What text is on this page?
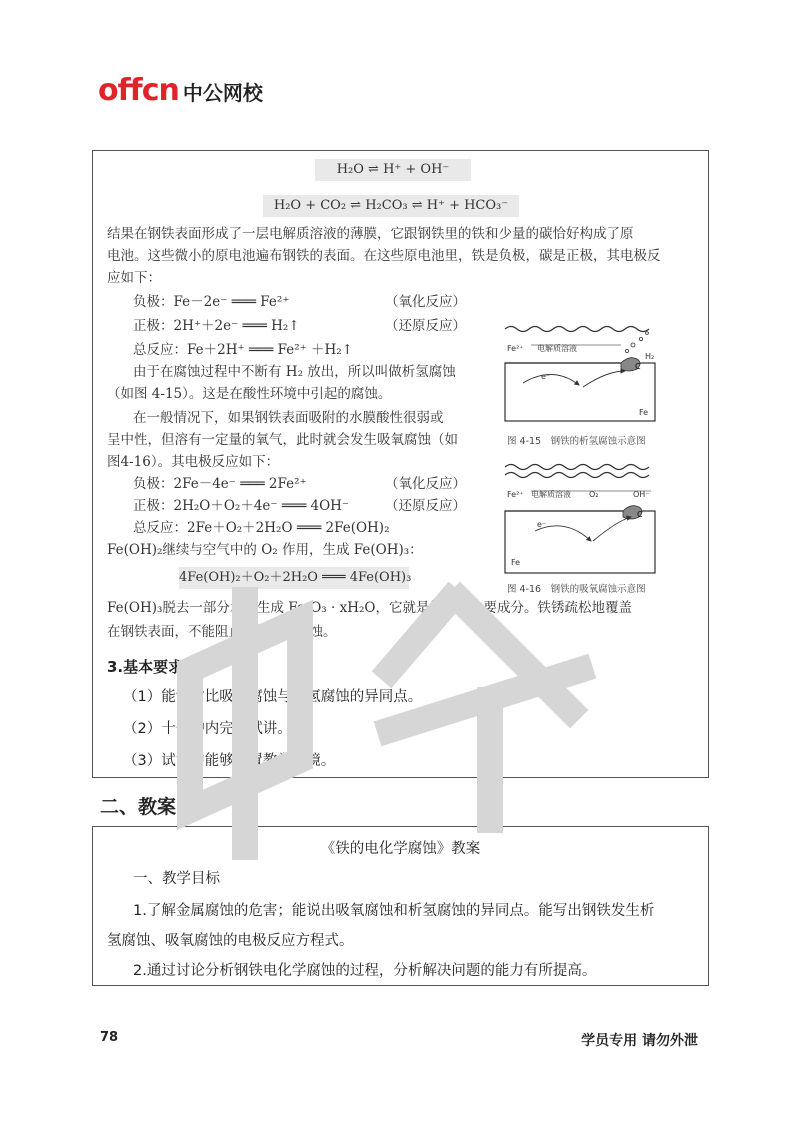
offcn 中公网校
H₂O ⇌ H⁺ + OH⁻
H₂O + CO₂ ⇌ H₂CO₃ ⇌ H⁺ + HCO₃⁻
结果在钢铁表面形成了一层电解质溶液的薄膜，它跟钢铁里的铁和少量的碳恰好构成了原
电池。这些微小的原电池遍布钢铁的表面。在这些原电池里，铁是负极，碳是正极，其电极反
应如下：
负极：Fe－2e⁻ ═══ Fe²⁺	（氧化反应）
正极：2H⁺＋2e⁻ ═══ H₂↑	（还原反应）
总反应：Fe＋2H⁺ ═══ Fe²⁺ ＋H₂↑
由于在腐蚀过程中不断有 H₂ 放出，所以叫做析氢腐蚀
（如图 4-15）。这是在酸性环境中引起的腐蚀。
在一般情况下，如果钢铁表面吸附的水膜酸性很弱或
呈中性，但溶有一定量的氧气，此时就会发生吸氧腐蚀（如
图4-16）。其电极反应如下：
负极：2Fe－4e⁻ ═══ 2Fe²⁺	（氧化反应）
正极：2H₂O＋O₂＋4e⁻ ═══ 4OH⁻	（还原反应）
总反应：2Fe＋O₂＋2H₂O ═══ 2Fe(OH)₂
Fe(OH)₂继续与空气中的 O₂ 作用，生成 Fe(OH)₃：
4Fe(OH)₂＋O₂＋2H₂O ═══ 4Fe(OH)₃
Fe(OH)₃脱去一部分水就生成 Fe₂O₃ · xH₂O，它就是铁锈的主要成分。铁锈疏松地覆盖
在钢铁表面，不能阻止钢铁继续腐蚀。
Fe²⁺ 电解质溶液
H₂
C
e⁻
Fe
图 4-15　钢铁的析氢腐蚀示意图
Fe²⁺ 电解质溶液 O₂	OH⁻
C
e⁻
Fe
图 4-16　钢铁的吸氧腐蚀示意图
3.基本要求：
（1）能够对比吸氧腐蚀与析氢腐蚀的异同点。
（2）十分钟内完成试讲。
（3）试讲中能够设置教学情境。
二、教案
《铁的电化学腐蚀》教案
一、教学目标
1.了解金属腐蚀的危害；能说出吸氧腐蚀和析氢腐蚀的异同点。能写出钢铁发生析
氢腐蚀、吸氧腐蚀的电极反应方程式。
2.通过讨论分析钢铁电化学腐蚀的过程，分析解决问题的能力有所提高。
78	学员专用 请勿外泄
